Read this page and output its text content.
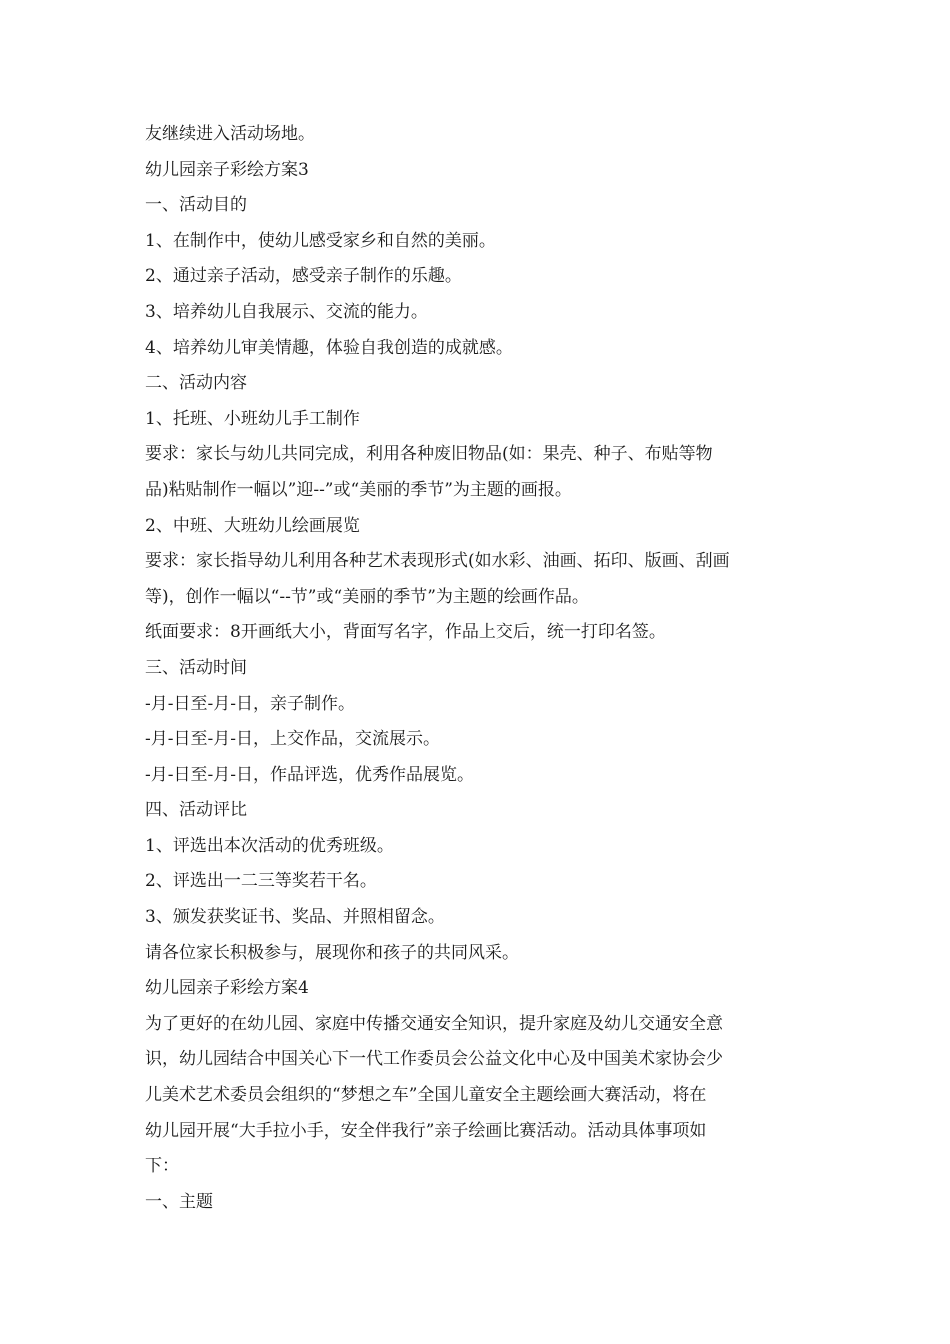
友继续进入活动场地。

幼儿园亲子彩绘方案3

一、活动目的

1、在制作中，使幼儿感受家乡和自然的美丽。

2、通过亲子活动，感受亲子制作的乐趣。

3、培养幼儿自我展示、交流的能力。

4、培养幼儿审美情趣，体验自我创造的成就感。

二、活动内容

1、托班、小班幼儿手工制作

要求：家长与幼儿共同完成，利用各种废旧物品(如：果壳、种子、布贴等物

品)粘贴制作一幅以”迎--”或“美丽的季节”为主题的画报。

2、中班、大班幼儿绘画展览

要求：家长指导幼儿利用各种艺术表现形式(如水彩、油画、拓印、版画、刮画

等)，创作一幅以“--节”或“美丽的季节”为主题的绘画作品。

纸面要求：8开画纸大小，背面写名字，作品上交后，统一打印名签。

三、活动时间

-月-日至-月-日，亲子制作。

-月-日至-月-日，上交作品，交流展示。

-月-日至-月-日，作品评选，优秀作品展览。

四、活动评比

1、评选出本次活动的优秀班级。

2、评选出一二三等奖若干名。

3、颁发获奖证书、奖品、并照相留念。

请各位家长积极参与，展现你和孩子的共同风采。

幼儿园亲子彩绘方案4

为了更好的在幼儿园、家庭中传播交通安全知识，提升家庭及幼儿交通安全意

识，幼儿园结合中国关心下一代工作委员会公益文化中心及中国美术家协会少

儿美术艺术委员会组织的“梦想之车”全国儿童安全主题绘画大赛活动，将在

幼儿园开展“大手拉小手，安全伴我行”亲子绘画比赛活动。活动具体事项如

下：

一、主题
